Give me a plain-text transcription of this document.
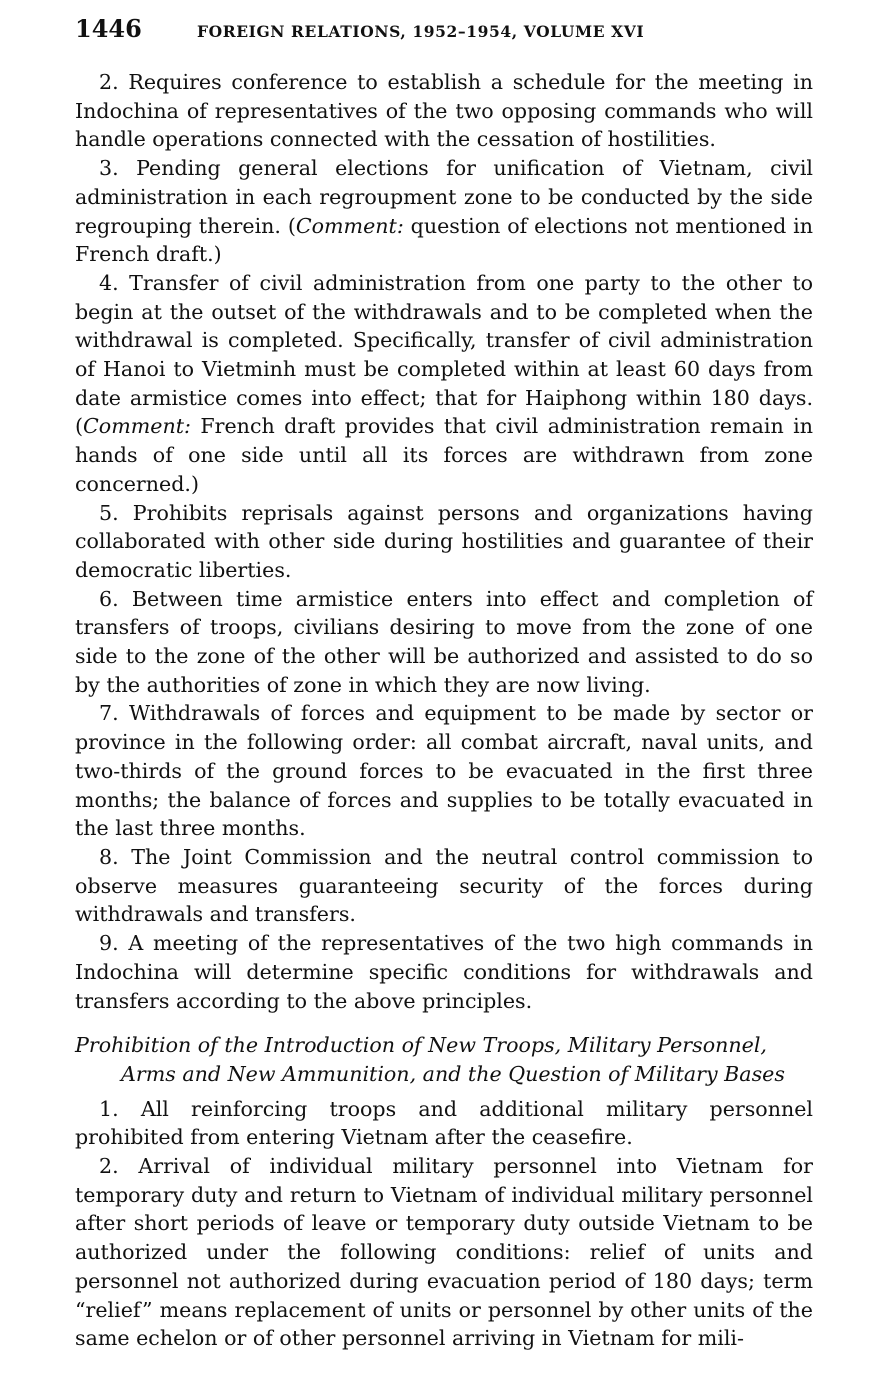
1446	FOREIGN RELATIONS, 1952–1954, VOLUME XVI

2. Requires conference to establish a schedule for the meeting in Indochina of representatives of the two opposing commands who will handle operations connected with the cessation of hostilities.

3. Pending general elections for unification of Vietnam, civil administration in each regroupment zone to be conducted by the side regrouping therein. (Comment: question of elections not mentioned in French draft.)

4. Transfer of civil administration from one party to the other to begin at the outset of the withdrawals and to be completed when the withdrawal is completed. Specifically, transfer of civil administration of Hanoi to Vietminh must be completed within at least 60 days from date armistice comes into effect; that for Haiphong within 180 days. (Comment: French draft provides that civil administration remain in hands of one side until all its forces are withdrawn from zone concerned.)

5. Prohibits reprisals against persons and organizations having collaborated with other side during hostilities and guarantee of their democratic liberties.

6. Between time armistice enters into effect and completion of transfers of troops, civilians desiring to move from the zone of one side to the zone of the other will be authorized and assisted to do so by the authorities of zone in which they are now living.

7. Withdrawals of forces and equipment to be made by sector or province in the following order: all combat aircraft, naval units, and two-thirds of the ground forces to be evacuated in the first three months; the balance of forces and supplies to be totally evacuated in the last three months.

8. The Joint Commission and the neutral control commission to observe measures guaranteeing security of the forces during withdrawals and transfers.

9. A meeting of the representatives of the two high commands in Indochina will determine specific conditions for withdrawals and transfers according to the above principles.

Prohibition of the Introduction of New Troops, Military Personnel, Arms and New Ammunition, and the Question of Military Bases

1. All reinforcing troops and additional military personnel prohibited from entering Vietnam after the ceasefire.

2. Arrival of individual military personnel into Vietnam for temporary duty and return to Vietnam of individual military personnel after short periods of leave or temporary duty outside Vietnam to be authorized under the following conditions: relief of units and personnel not authorized during evacuation period of 180 days; term “relief” means replacement of units or personnel by other units of the same echelon or of other personnel arriving in Vietnam for mili-
